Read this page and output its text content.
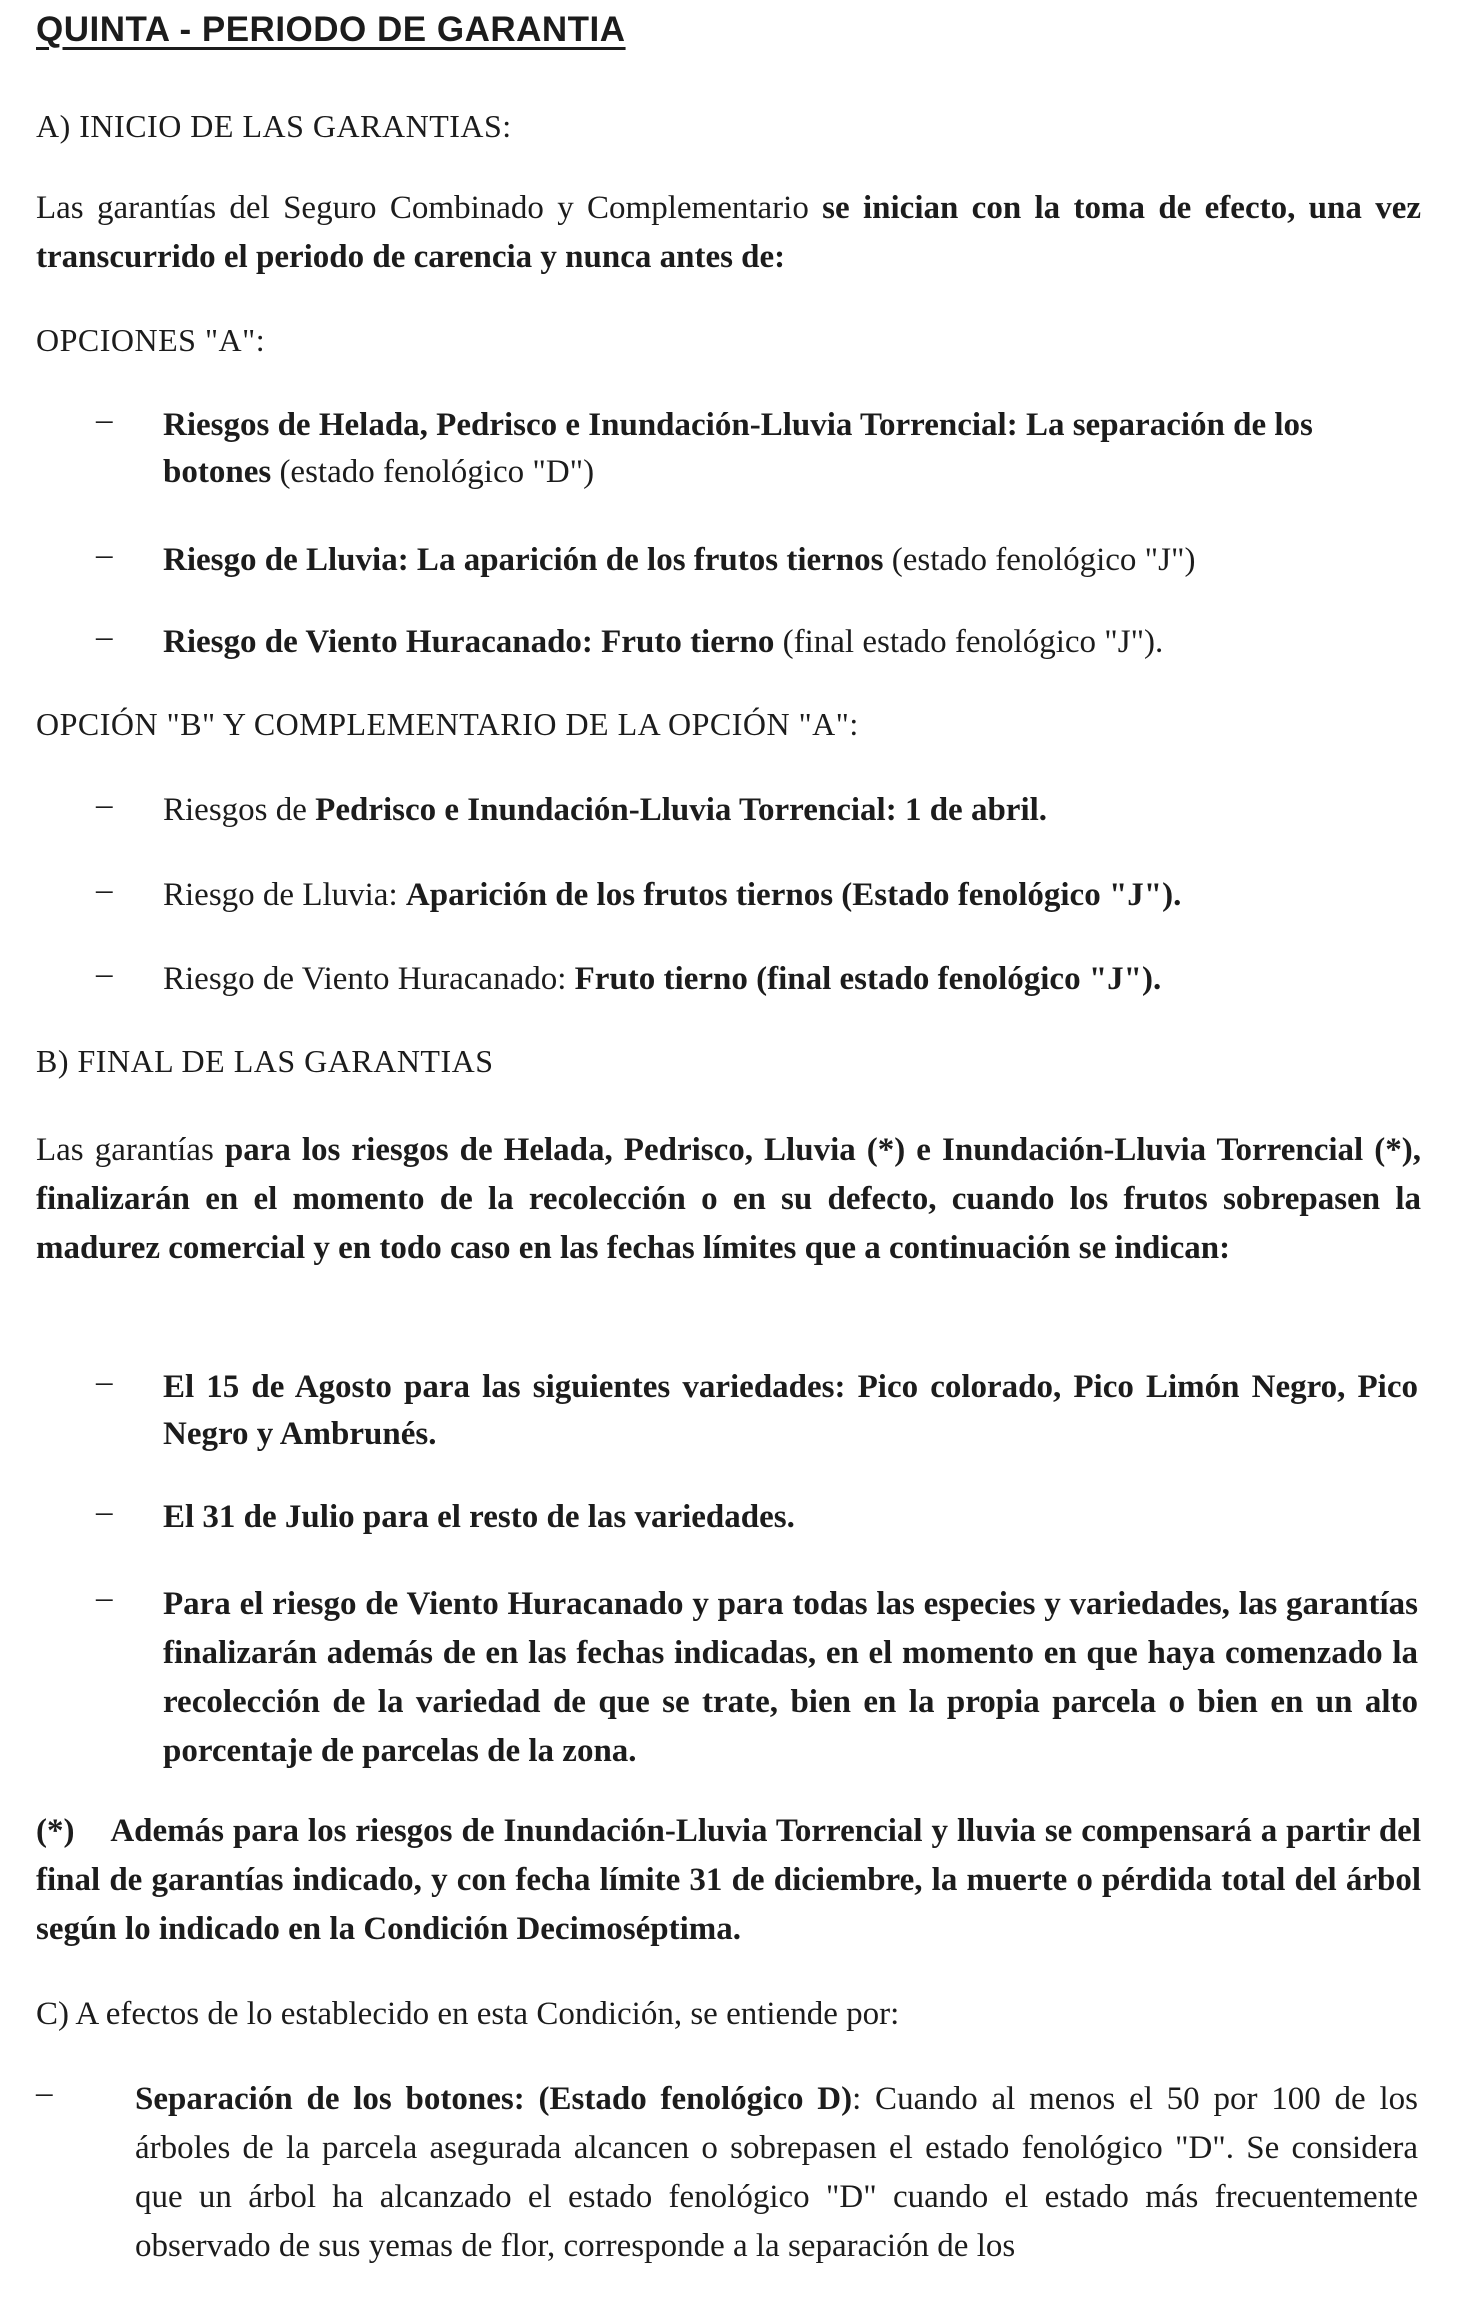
QUINTA - PERIODO DE GARANTIA
A) INICIO DE LAS GARANTIAS:

Las garantías del Seguro Combinado y Complementario se inician con la toma de efecto, una vez transcurrido el periodo de carencia y nunca antes de:

OPCIONES "A":
– Riesgos de Helada, Pedrisco e Inundación-Lluvia Torrencial: La separación de los botones (estado fenológico "D")

– Riesgo de Lluvia: La aparición de los frutos tiernos (estado fenológico "J")

– Riesgo de Viento Huracanado: Fruto tierno (final estado fenológico "J").

OPCIÓN "B" Y COMPLEMENTARIO DE LA OPCIÓN "A":
– Riesgos de Pedrisco e Inundación-Lluvia Torrencial: 1 de abril.

– Riesgo de Lluvia: Aparición de los frutos tiernos (Estado fenológico "J").

– Riesgo de Viento Huracanado: Fruto tierno (final estado fenológico "J").

B) FINAL DE LAS GARANTIAS

Las garantías para los riesgos de Helada, Pedrisco, Lluvia (*) e Inundación-Lluvia Torrencial (*), finalizarán en el momento de la recolección o en su defecto, cuando los frutos sobrepasen la madurez comercial y en todo caso en las fechas límites que a continuación se indican:

– El 15 de Agosto para las siguientes variedades: Pico colorado, Pico Limón Negro, Pico Negro y Ambrunés.

– El 31 de Julio para el resto de las variedades.

– Para el riesgo de Viento Huracanado y para todas las especies y variedades, las garantías finalizarán además de en las fechas indicadas, en el momento en que haya comenzado la recolección de la variedad de que se trate, bien en la propia parcela o bien en un alto porcentaje de parcelas de la zona.

(*) Además para los riesgos de Inundación-Lluvia Torrencial y lluvia se compensará a partir del final de garantías indicado, y con fecha límite 31 de diciembre, la muerte o pérdida total del árbol según lo indicado en la Condición Decimoséptima.

C) A efectos de lo establecido en esta Condición, se entiende por:
–	Separación de los botones: (Estado fenológico D): Cuando al menos el 50 por 100 de los árboles de la parcela asegurada alcancen o sobrepasen el estado fenológico "D". Se considera que un árbol ha alcanzado el estado fenológico "D" cuando el estado más frecuentemente observado de sus yemas de flor, corresponde a la separación de los
